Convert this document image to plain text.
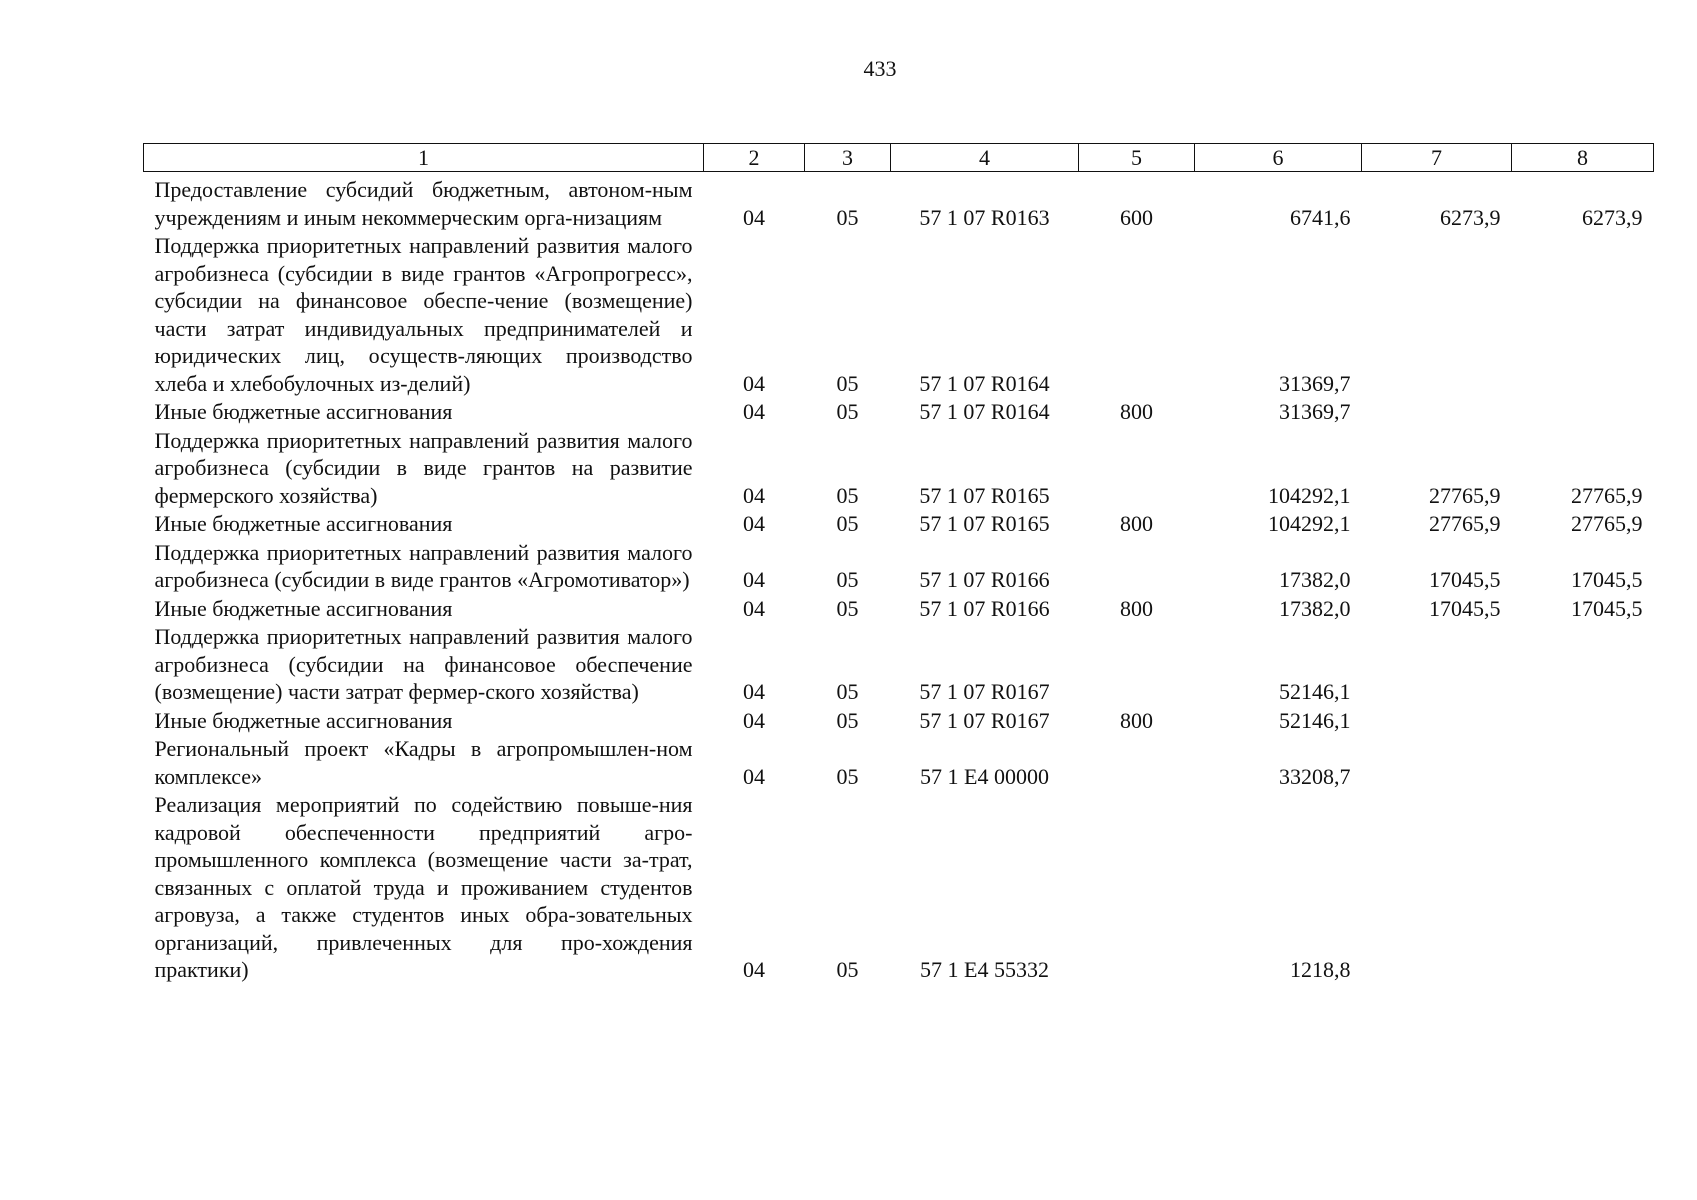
433
1	2	3	4	5	6	7	8
Предоставление субсидий бюджетным, автоном-ным учреждениям и иным некоммерческим орга-низациям	04	05	57 1 07 R0163	600	6741,6	6273,9	6273,9
Поддержка приоритетных направлений развития малого агробизнеса (субсидии в виде грантов «Агропрогресс», субсидии на финансовое обеспе-чение (возмещение) части затрат индивидуальных предпринимателей и юридических лиц, осуществ-ляющих производство хлеба и хлебобулочных из-делий)	04	05	57 1 07 R0164		31369,7		
Иные бюджетные ассигнования	04	05	57 1 07 R0164	800	31369,7		
Поддержка приоритетных направлений развития малого агробизнеса (субсидии в виде грантов на развитие фермерского хозяйства)	04	05	57 1 07 R0165		104292,1	27765,9	27765,9
Иные бюджетные ассигнования	04	05	57 1 07 R0165	800	104292,1	27765,9	27765,9
Поддержка приоритетных направлений развития малого агробизнеса (субсидии в виде грантов «Агромотиватор»)	04	05	57 1 07 R0166		17382,0	17045,5	17045,5
Иные бюджетные ассигнования	04	05	57 1 07 R0166	800	17382,0	17045,5	17045,5
Поддержка приоритетных направлений развития малого агробизнеса (субсидии на финансовое обеспечение (возмещение) части затрат фермер-ского хозяйства)	04	05	57 1 07 R0167		52146,1		
Иные бюджетные ассигнования	04	05	57 1 07 R0167	800	52146,1		
Региональный проект «Кадры в агропромышлен-ном комплексе»	04	05	57 1 E4 00000		33208,7		
Реализация мероприятий по содействию повыше-ния кадровой обеспеченности предприятий агро-промышленного комплекса (возмещение части за-трат, связанных с оплатой труда и проживанием студентов агровуза, а также студентов иных обра-зовательных организаций, привлеченных для про-хождения практики)	04	05	57 1 E4 55332		1218,8		
